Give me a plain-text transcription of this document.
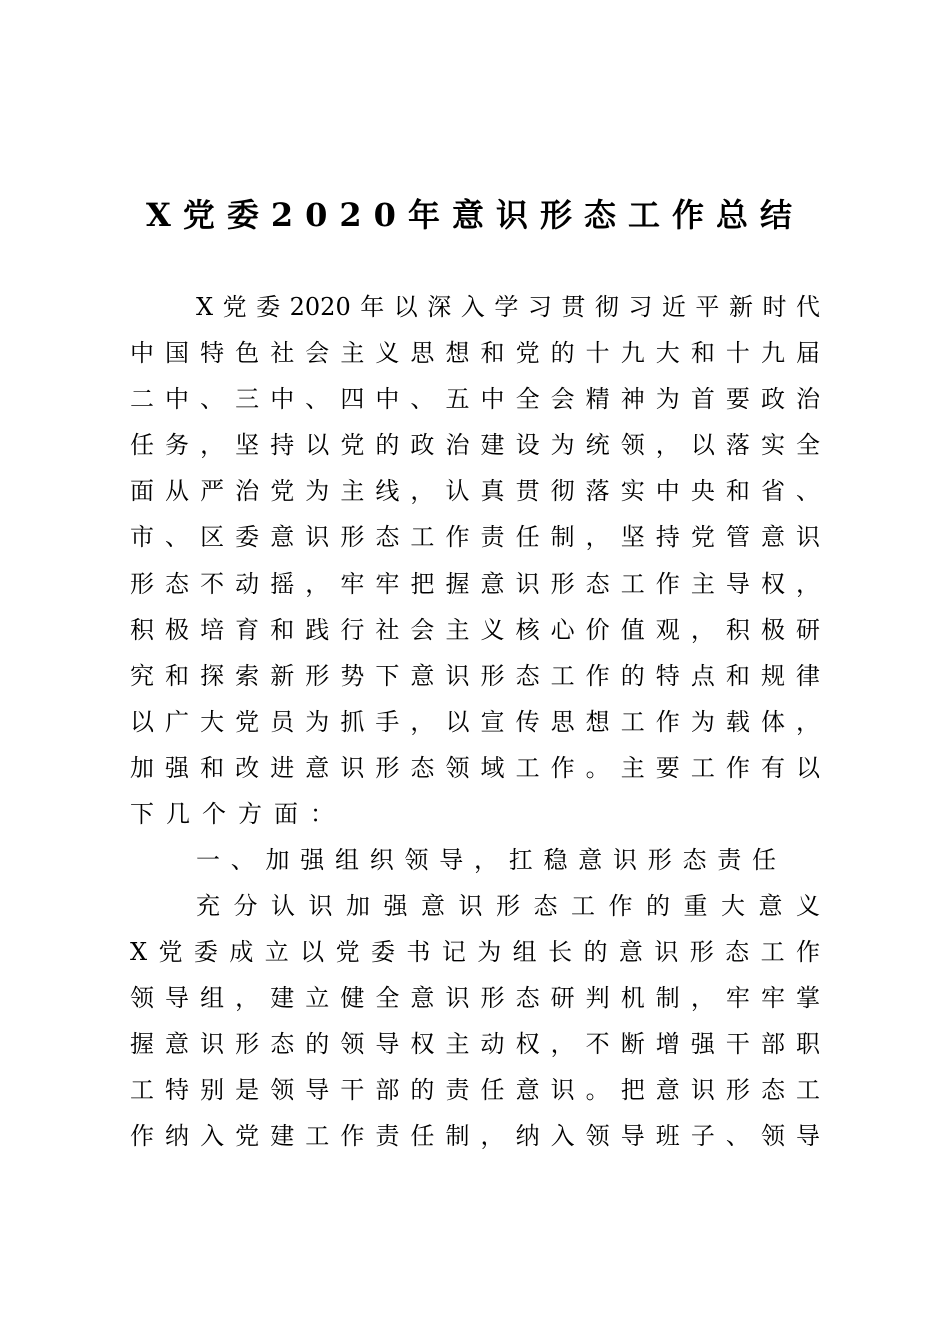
X党委2020年意识形态工作总结
X党委2020年以深入学习贯彻习近平新时代
中国特色社会主义思想和党的十九大和十九届
二中、三中、四中、五中全会精神为首要政治
任务，坚持以党的政治建设为统领，以落实全
面从严治党为主线，认真贯彻落实中央和省、
市、区委意识形态工作责任制，坚持党管意识
形态不动摇，牢牢把握意识形态工作主导权，
积极培育和践行社会主义核心价值观，积极研
究和探索新形势下意识形态工作的特点和规律
以广大党员为抓手，以宣传思想工作为载体，
加强和改进意识形态领域工作。主要工作有以
下几个方面：
一、加强组织领导，扛稳意识形态责任
充分认识加强意识形态工作的重大意义
X党委成立以党委书记为组长的意识形态工作
领导组，建立健全意识形态研判机制，牢牢掌
握意识形态的领导权主动权，不断增强干部职
工特别是领导干部的责任意识。把意识形态工
作纳入党建工作责任制，纳入领导班子、领导
